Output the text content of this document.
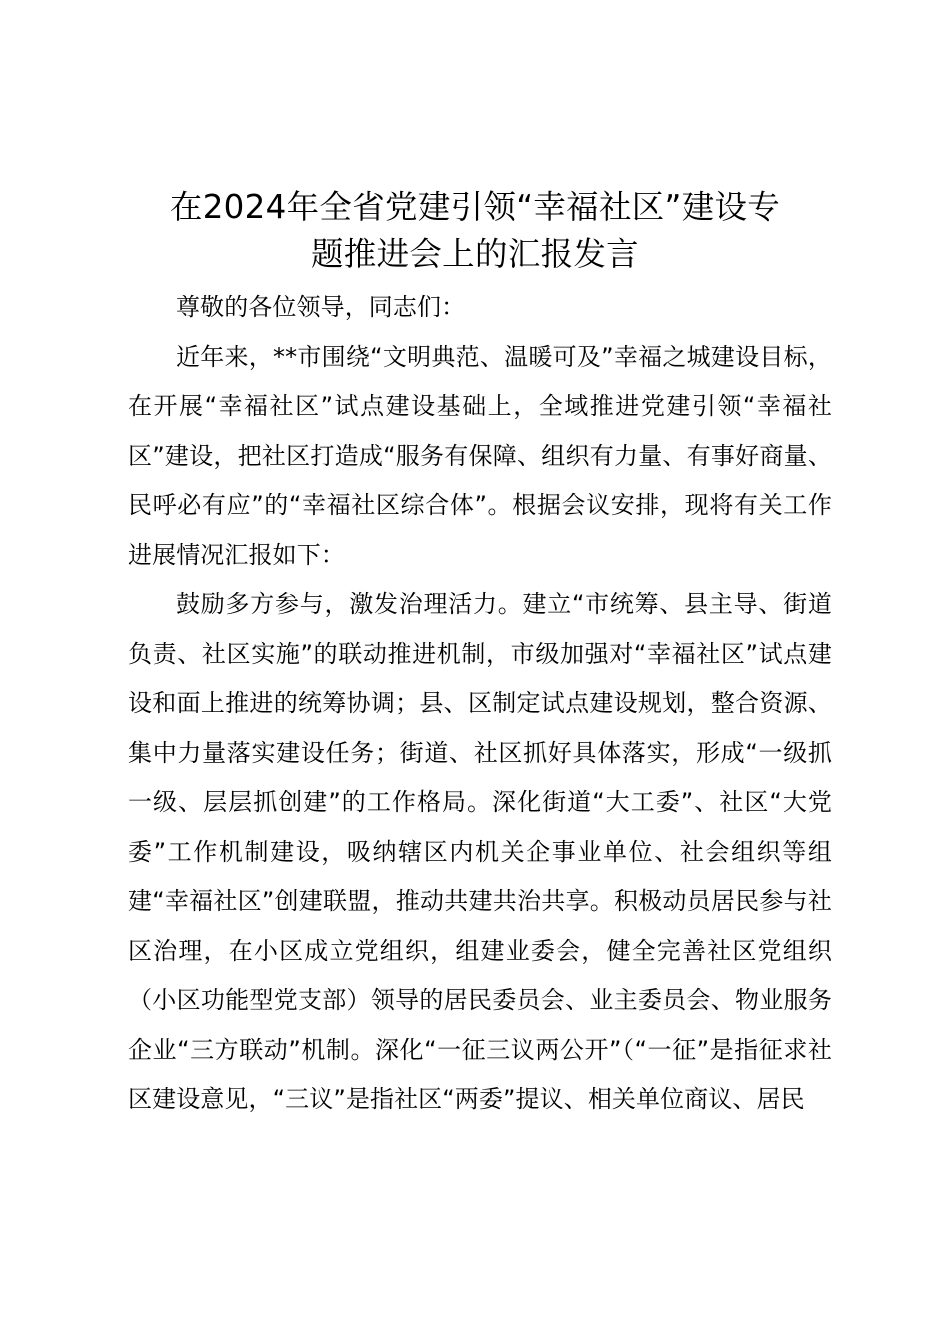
在2024年全省党建引领“幸福社区”建设专
题推进会上的汇报发言

尊敬的各位领导，同志们：

近年来，**市围绕“文明典范、温暖可及”幸福之城建设目标，在开展“幸福社区”试点建设基础上，全域推进党建引领“幸福社区”建设，把社区打造成“服务有保障、组织有力量、有事好商量、民呼必有应”的“幸福社区综合体”。根据会议安排，现将有关工作进展情况汇报如下：

鼓励多方参与，激发治理活力。建立“市统筹、县主导、街道负责、社区实施”的联动推进机制，市级加强对“幸福社区”试点建设和面上推进的统筹协调；县、区制定试点建设规划，整合资源、集中力量落实建设任务；街道、社区抓好具体落实，形成“一级抓一级、层层抓创建”的工作格局。深化街道“大工委”、社区“大党委”工作机制建设，吸纳辖区内机关企事业单位、社会组织等组建“幸福社区”创建联盟，推动共建共治共享。积极动员居民参与社区治理，在小区成立党组织，组建业委会，健全完善社区党组织（小区功能型党支部）领导的居民委员会、业主委员会、物业服务企业“三方联动”机制。深化“一征三议两公开”（“一征”是指征求社区建设意见，“三议”是指社区“两委”提议、相关单位商议、居民
